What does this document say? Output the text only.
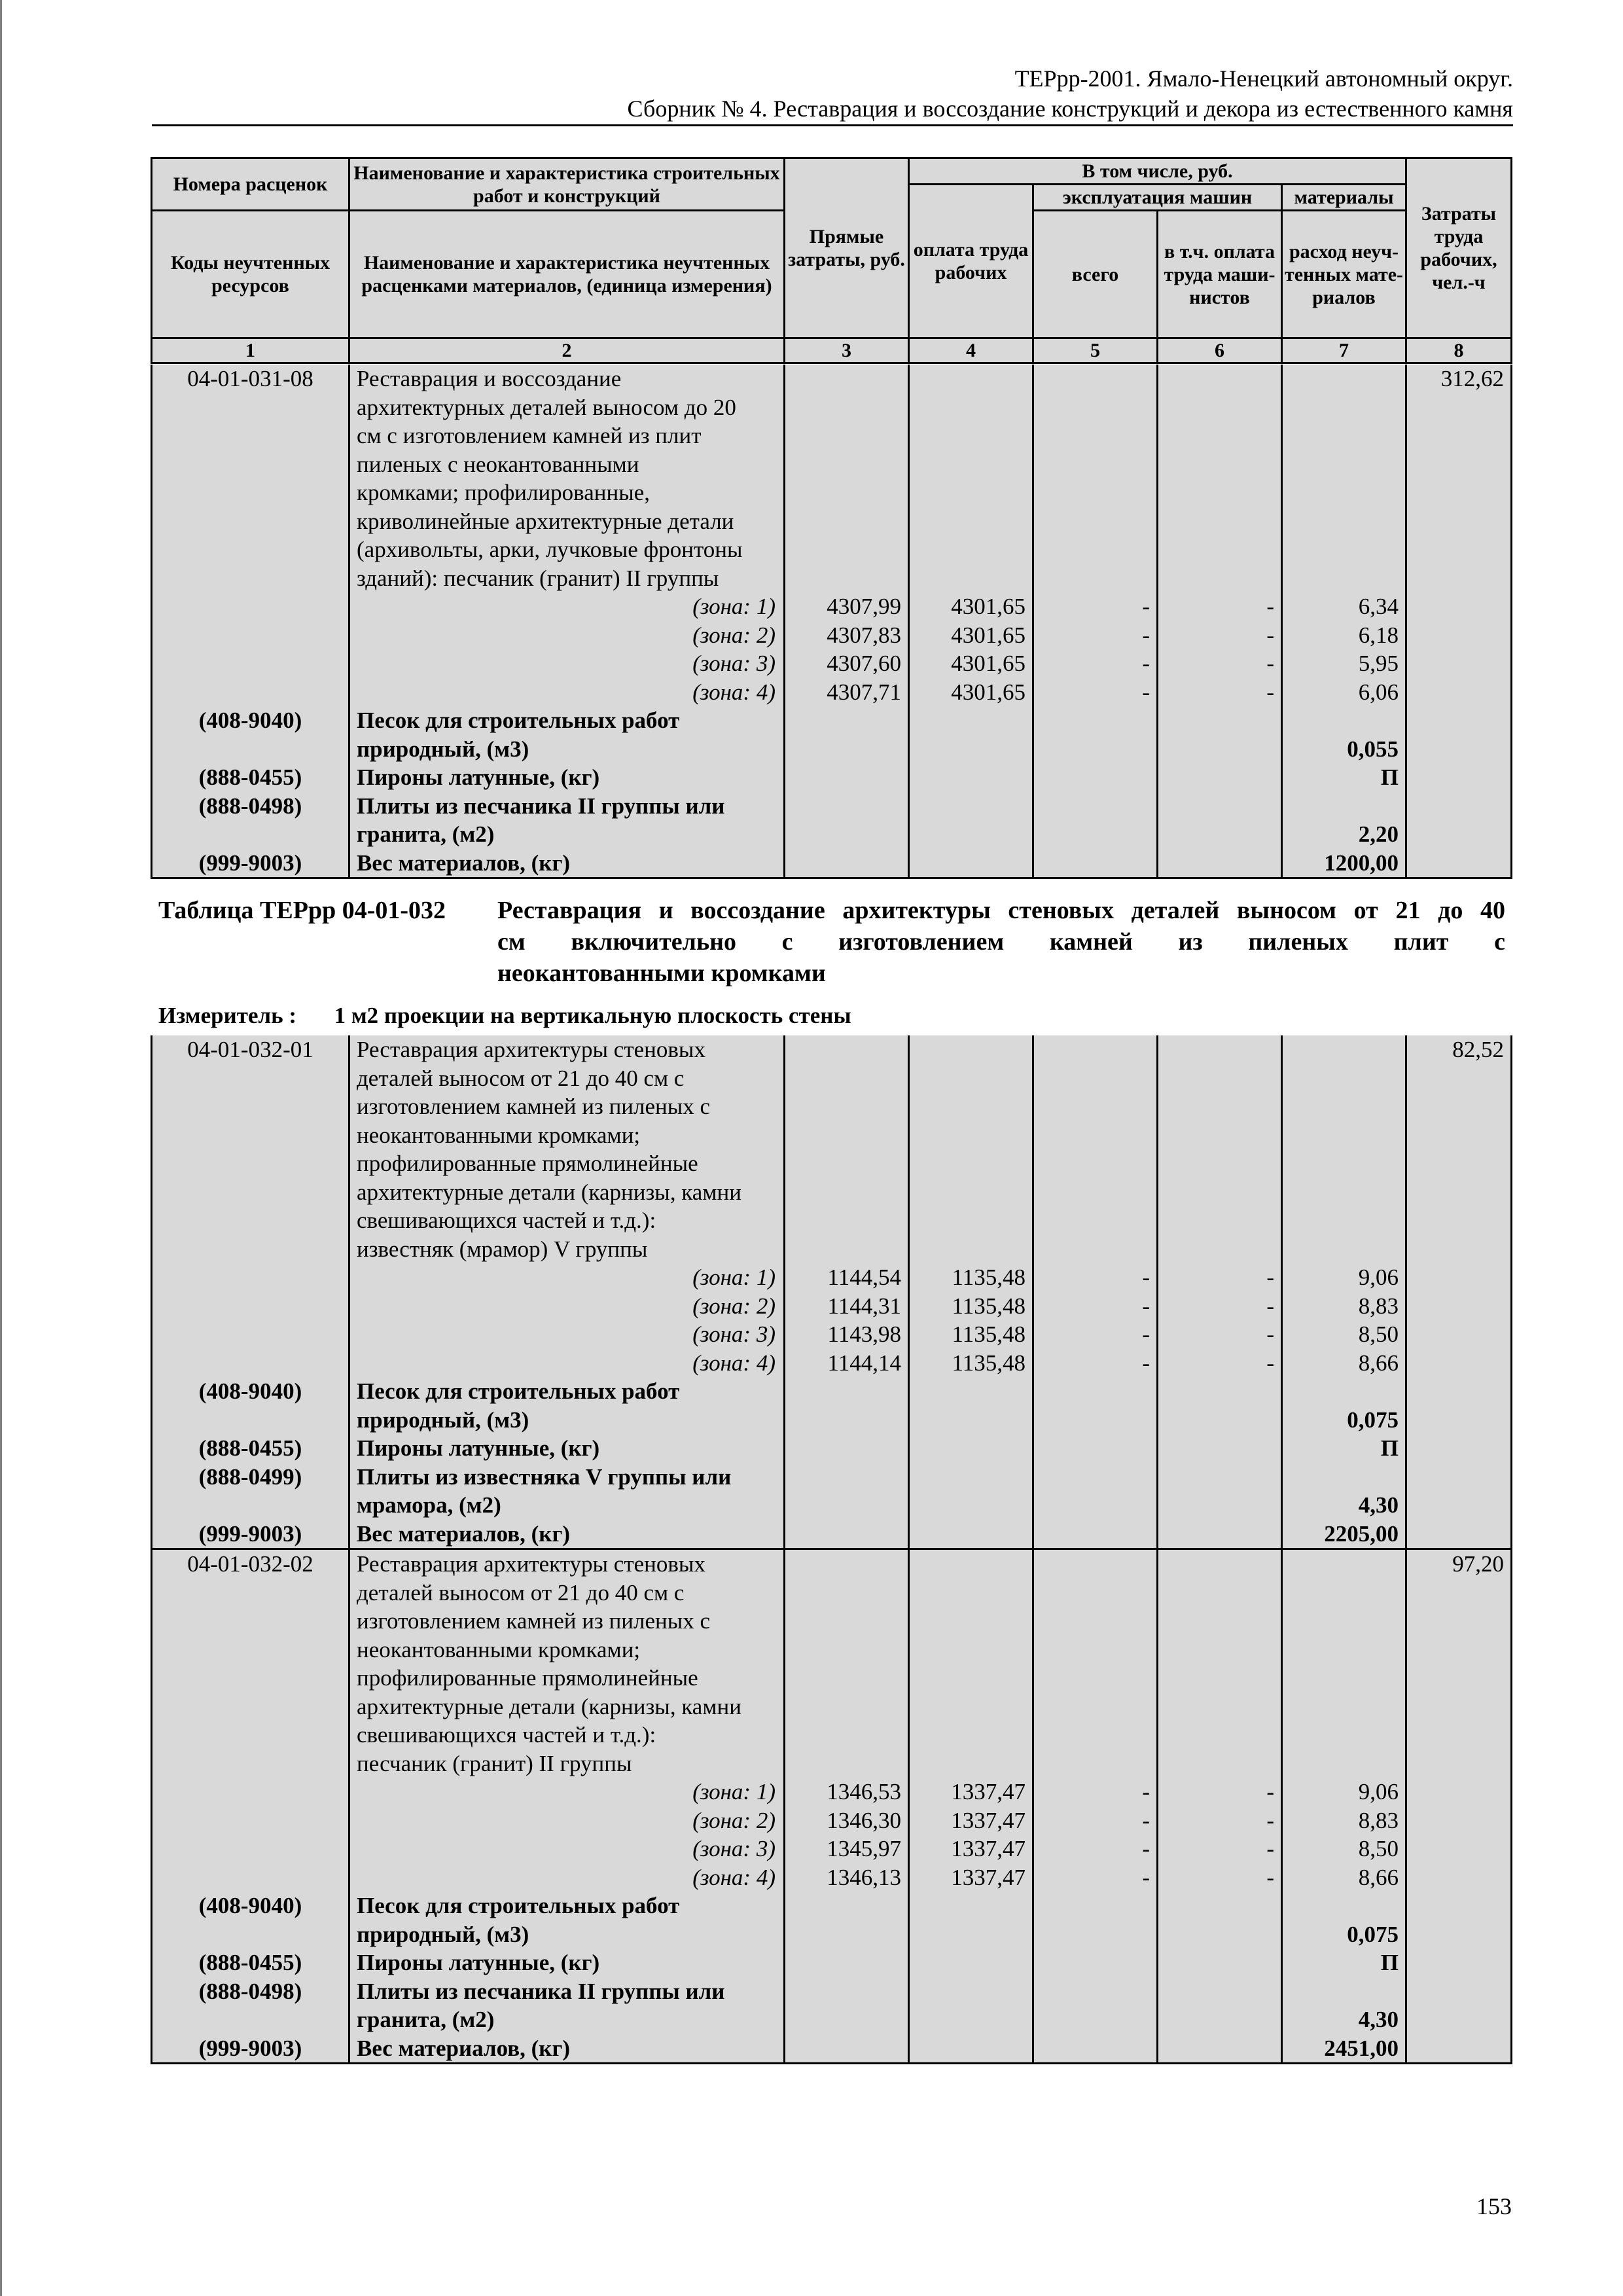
ТЕРрр-2001. Ямало-Ненецкий автономный округ.
Сборник № 4. Реставрация и воссоздание конструкций и декора из естественного камня
Номера расценок	Наименование и характеристика строительных работ и конструкций	Прямые затраты, руб.	В том числе, руб.				Затраты труда рабочих, чел.-ч
			оплата труда рабочих	эксплуатация машин		материалы	
Коды неучтенных ресурсов	Наименование и характеристика неучтенных расценками материалов, (единица измерения)			всего	в т.ч. оплата труда маши-нистов	расход неуч-тенных мате-риалов	
1	2	3	4	5	6	7	8
04-01-031-08	Реставрация и воссоздание						312,62
	архитектурных деталей выносом до 20						
	см с изготовлением камней из плит						
	пиленых с неокантованными						
	кромками; профилированные,						
	криволинейные архитектурные детали						
	(архивольты, арки, лучковые фронтоны						
	зданий): песчаник (гранит) II группы						
	(зона: 1)	4307,99	4301,65	-	-	6,34	
	(зона: 2)	4307,83	4301,65	-	-	6,18	
	(зона: 3)	4307,60	4301,65	-	-	5,95	
	(зона: 4)	4307,71	4301,65	-	-	6,06	
(408-9040)	Песок для строительных работ						
	природный, (м3)					0,055	
(888-0455)	Пироны латунные, (кг)					П	
(888-0498)	Плиты из песчаника II группы или						
	гранита, (м2)					2,20	
(999-9003)	Вес материалов, (кг)					1200,00	
Таблица ТЕРрр 04-01-032 Реставрация и воссоздание архитектуры стеновых деталей выносом от 21 до 40
см включительно с изготовлением камней из пиленых плит с
неокантованными кромками
Измеритель : 1 м2 проекции на вертикальную плоскость стены
04-01-032-01	Реставрация архитектуры стеновых						82,52
	деталей выносом от 21 до 40 см с						
	изготовлением камней из пиленых с						
	неокантованными кромками;						
	профилированные прямолинейные						
	архитектурные детали (карнизы, камни						
	свешивающихся частей и т.д.):						
	известняк (мрамор) V группы						
	(зона: 1)	1144,54	1135,48	-	-	9,06	
	(зона: 2)	1144,31	1135,48	-	-	8,83	
	(зона: 3)	1143,98	1135,48	-	-	8,50	
	(зона: 4)	1144,14	1135,48	-	-	8,66	
(408-9040)	Песок для строительных работ						
	природный, (м3)					0,075	
(888-0455)	Пироны латунные, (кг)					П	
(888-0499)	Плиты из известняка V группы или						
	мрамора, (м2)					4,30	
(999-9003)	Вес материалов, (кг)					2205,00	
04-01-032-02	Реставрация архитектуры стеновых						97,20
	деталей выносом от 21 до 40 см с						
	изготовлением камней из пиленых с						
	неокантованными кромками;						
	профилированные прямолинейные						
	архитектурные детали (карнизы, камни						
	свешивающихся частей и т.д.):						
	песчаник (гранит) II группы						
	(зона: 1)	1346,53	1337,47	-	-	9,06	
	(зона: 2)	1346,30	1337,47	-	-	8,83	
	(зона: 3)	1345,97	1337,47	-	-	8,50	
	(зона: 4)	1346,13	1337,47	-	-	8,66	
(408-9040)	Песок для строительных работ						
	природный, (м3)					0,075	
(888-0455)	Пироны латунные, (кг)					П	
(888-0498)	Плиты из песчаника II группы или						
	гранита, (м2)					4,30	
(999-9003)	Вес материалов, (кг)					2451,00	
153
